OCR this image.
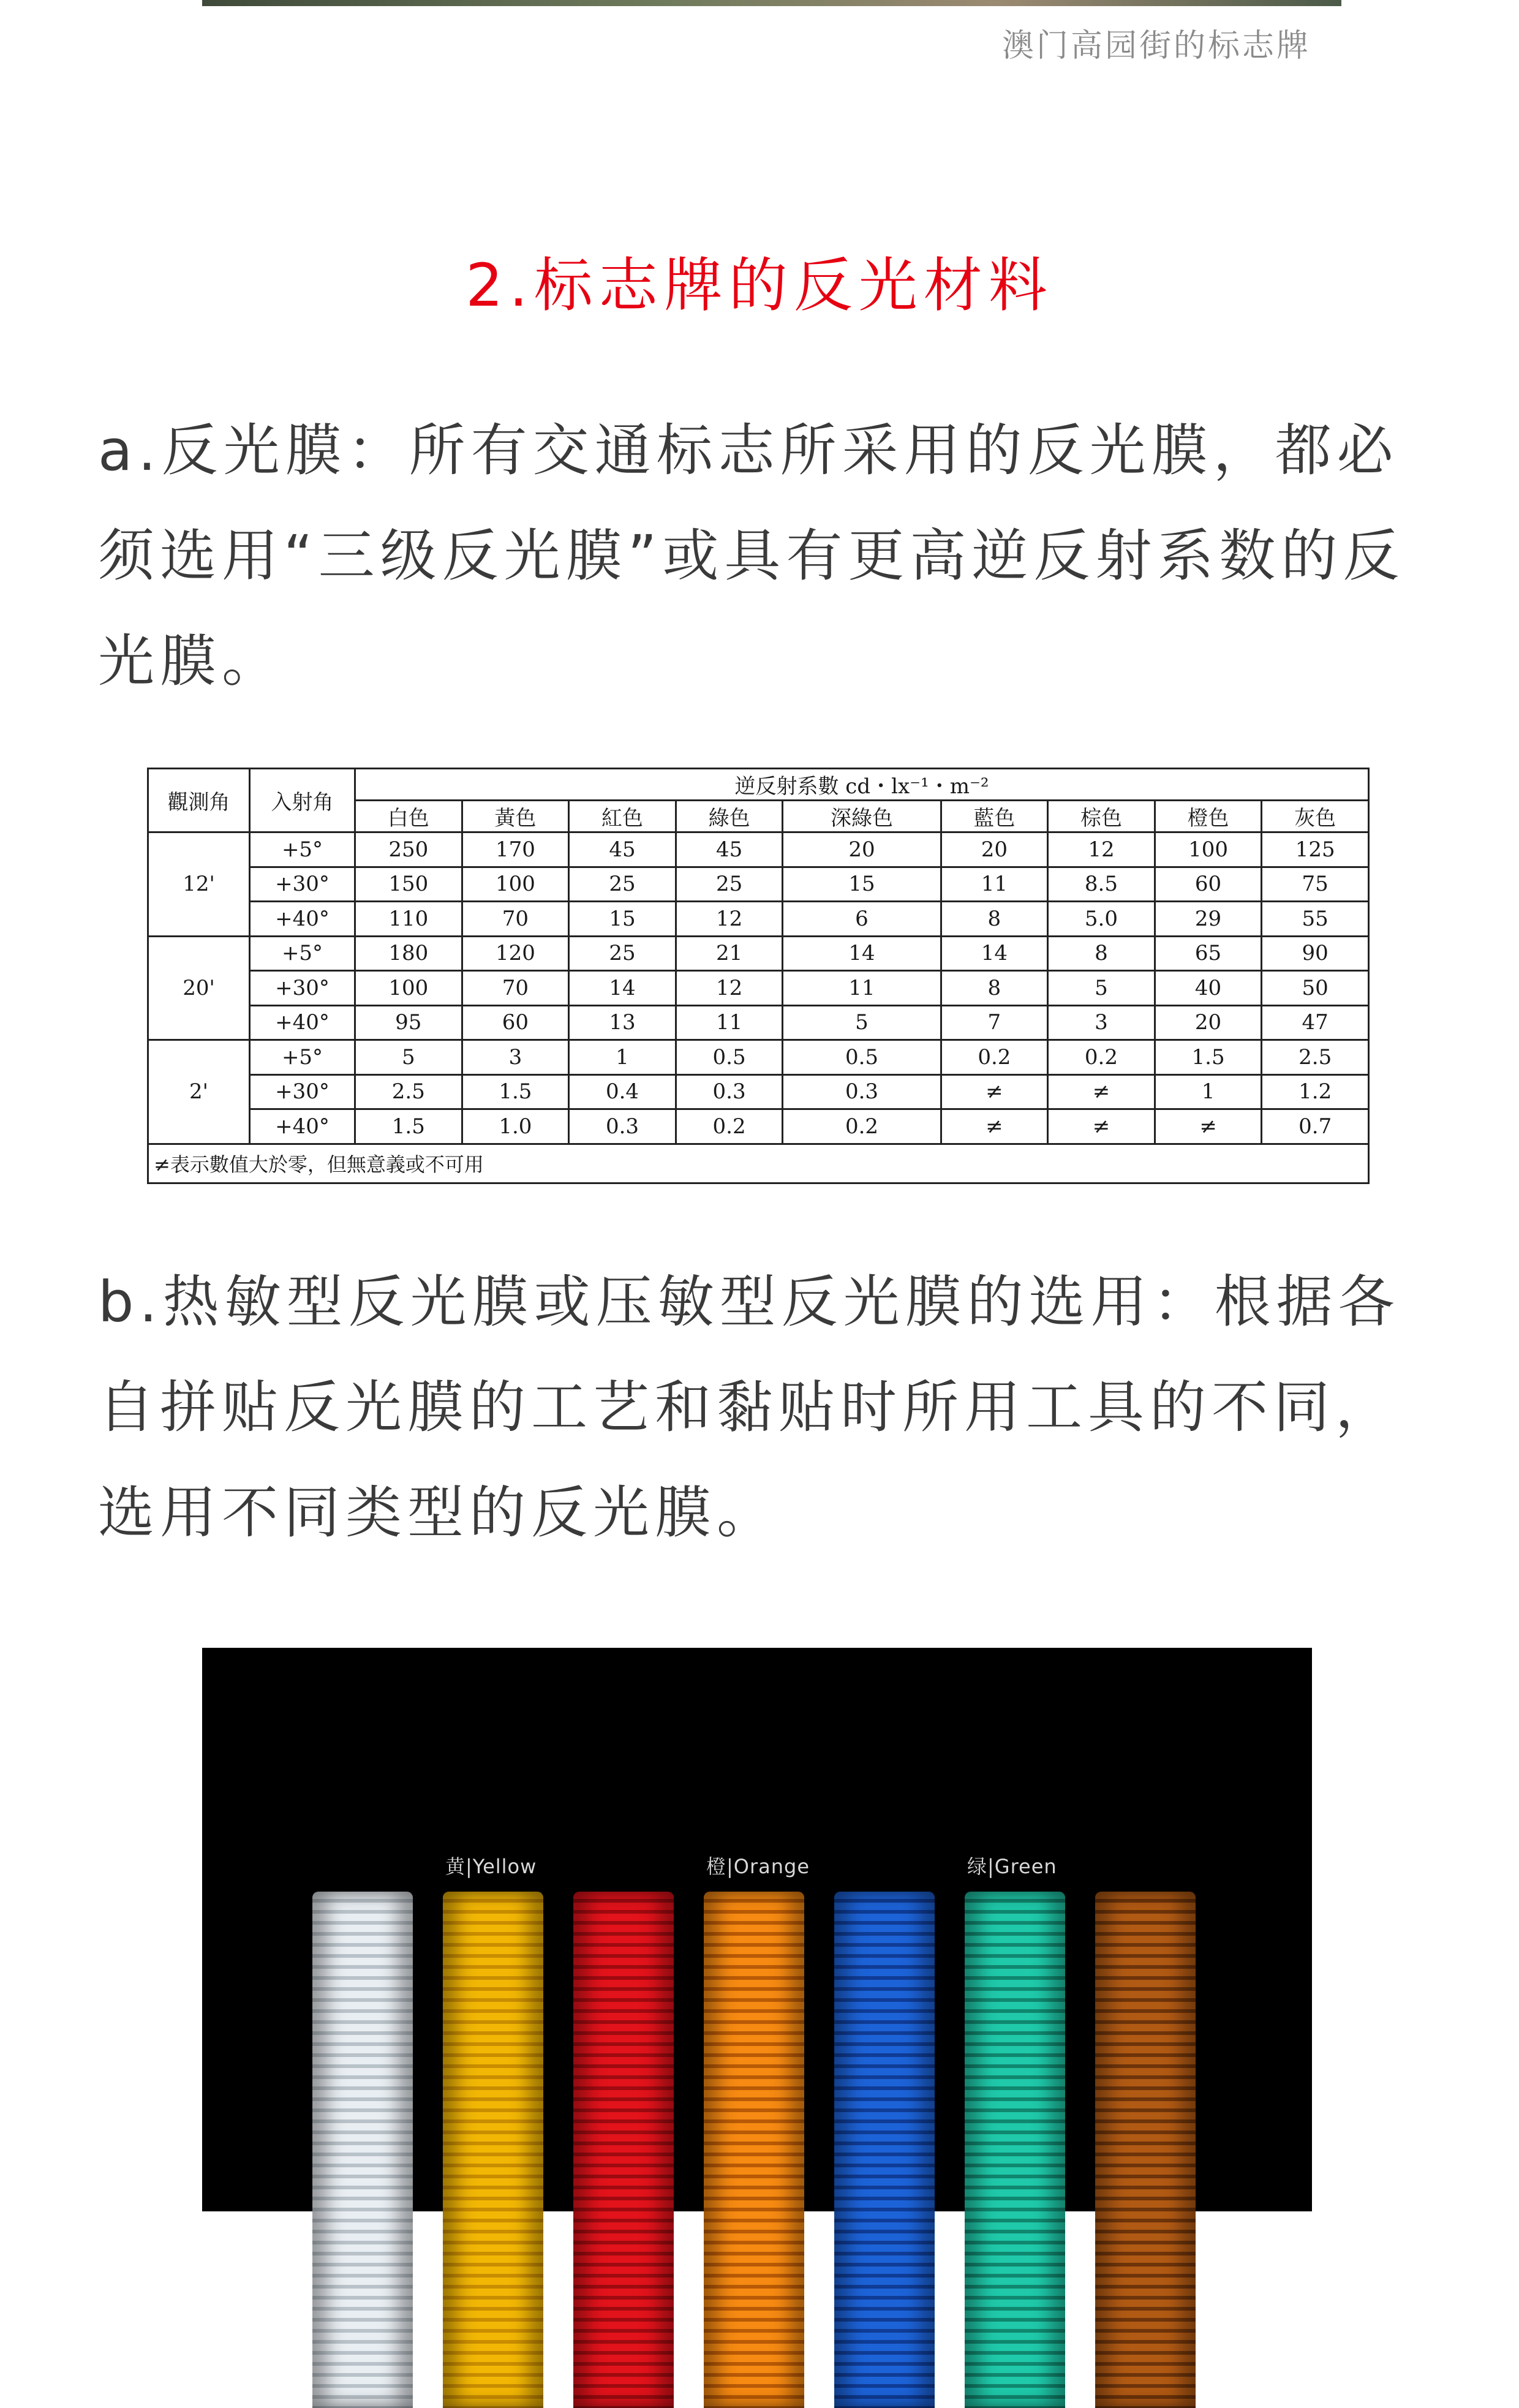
澳门高园街的标志牌
2.标志牌的反光材料
a.反光膜：所有交通标志所采用的反光膜，都必须选用“三级反光膜”或具有更高逆反射系数的反光膜。
觀測角	入射角	逆反射系數 cd・lx⁻¹・m⁻²								
		白色	黃色	紅色	綠色	深綠色	藍色	棕色	橙色	灰色
12'	+5°	250	170	45	45	20	20	12	100	125
	+30°	150	100	25	25	15	11	8.5	60	75
	+40°	110	70	15	12	6	8	5.0	29	55
20'	+5°	180	120	25	21	14	14	8	65	90
	+30°	100	70	14	12	11	8	5	40	50
	+40°	95	60	13	11	5	7	3	20	47
2'	+5°	5	3	1	0.5	0.5	0.2	0.2	1.5	2.5
	+30°	2.5	1.5	0.4	0.3	0.3	≠	≠	1	1.2
	+40°	1.5	1.0	0.3	0.2	0.2	≠	≠	≠	0.7
≠表示數值大於零，但無意義或不可用										
b.热敏型反光膜或压敏型反光膜的选用：根据各自拼贴反光膜的工艺和黏贴时所用工具的不同，选用不同类型的反光膜。
黄|Yellow	橙|Orange	绿|Green
